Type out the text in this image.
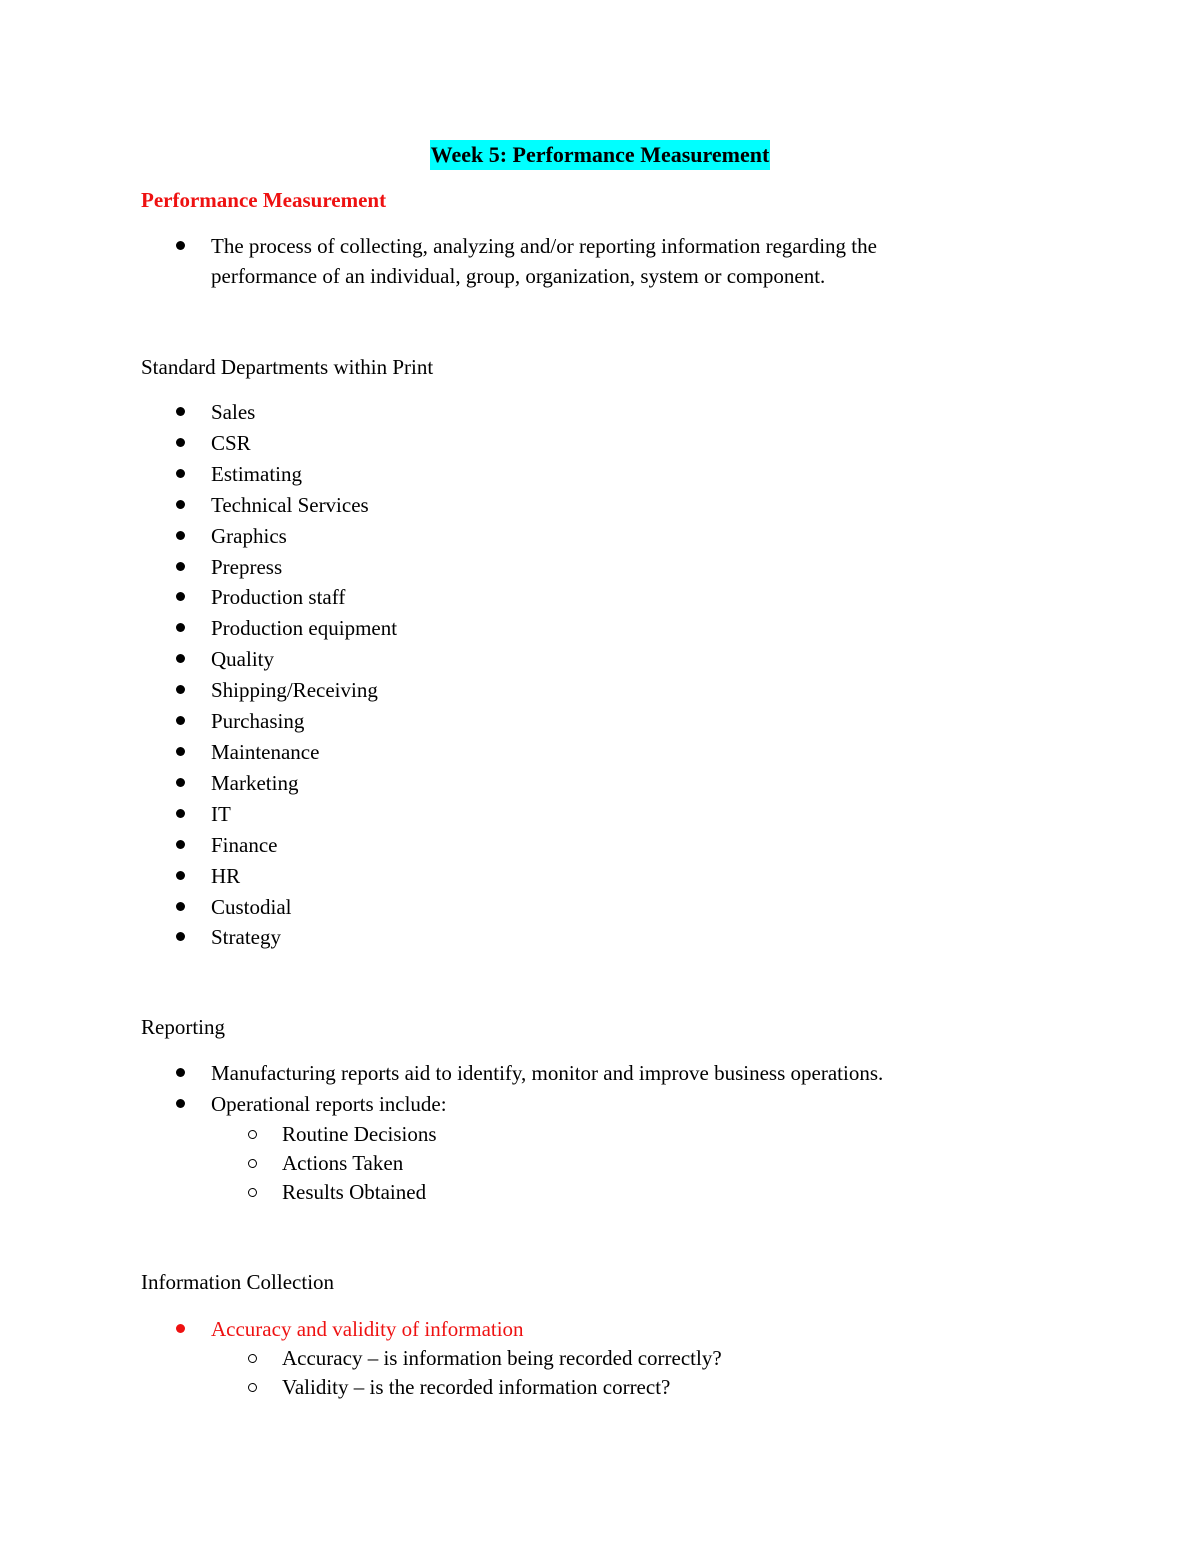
Week 5: Performance Measurement
Performance Measurement
The process of collecting, analyzing and/or reporting information regarding the performance of an individual, group, organization, system or component.
Standard Departments within Print
Sales
CSR
Estimating
Technical Services
Graphics
Prepress
Production staff
Production equipment
Quality
Shipping/Receiving
Purchasing
Maintenance
Marketing
IT
Finance
HR
Custodial
Strategy
Reporting
Manufacturing reports aid to identify, monitor and improve business operations.
Operational reports include:
Routine Decisions
Actions Taken
Results Obtained
Information Collection
Accuracy and validity of information
Accuracy – is information being recorded correctly?
Validity – is the recorded information correct?
